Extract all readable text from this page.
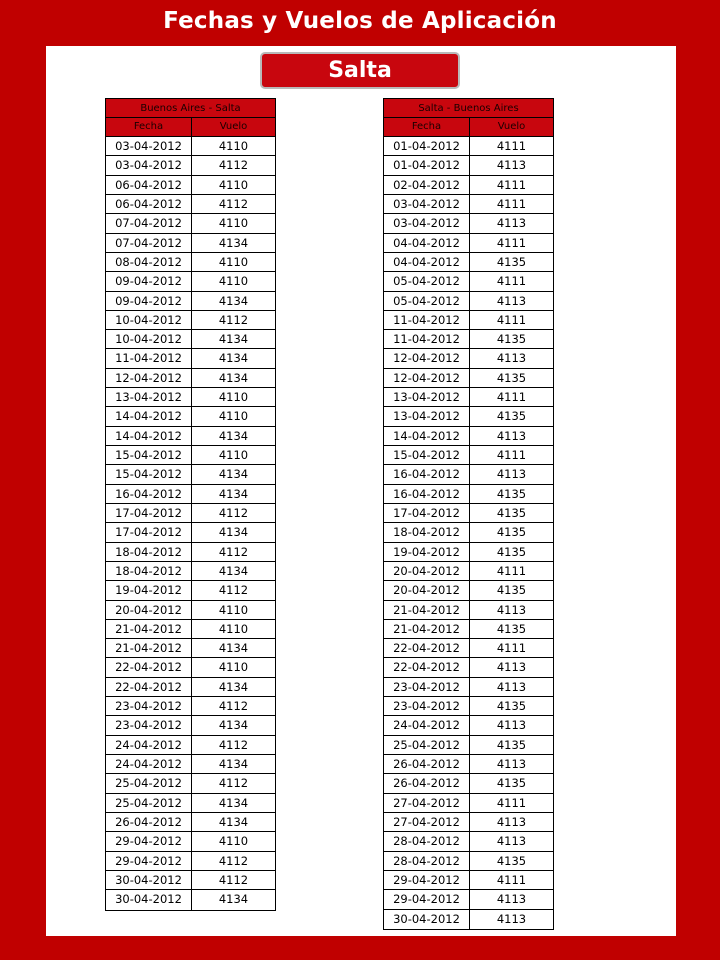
Fechas y Vuelos de Aplicación
Salta
Buenos Aires - Salta
Fecha	Vuelo
03-04-2012	4110
03-04-2012	4112
06-04-2012	4110
06-04-2012	4112
07-04-2012	4110
07-04-2012	4134
08-04-2012	4110
09-04-2012	4110
09-04-2012	4134
10-04-2012	4112
10-04-2012	4134
11-04-2012	4134
12-04-2012	4134
13-04-2012	4110
14-04-2012	4110
14-04-2012	4134
15-04-2012	4110
15-04-2012	4134
16-04-2012	4134
17-04-2012	4112
17-04-2012	4134
18-04-2012	4112
18-04-2012	4134
19-04-2012	4112
20-04-2012	4110
21-04-2012	4110
21-04-2012	4134
22-04-2012	4110
22-04-2012	4134
23-04-2012	4112
23-04-2012	4134
24-04-2012	4112
24-04-2012	4134
25-04-2012	4112
25-04-2012	4134
26-04-2012	4134
29-04-2012	4110
29-04-2012	4112
30-04-2012	4112
30-04-2012	4134
Salta - Buenos Aires
Fecha	Vuelo
01-04-2012	4111
01-04-2012	4113
02-04-2012	4111
03-04-2012	4111
03-04-2012	4113
04-04-2012	4111
04-04-2012	4135
05-04-2012	4111
05-04-2012	4113
11-04-2012	4111
11-04-2012	4135
12-04-2012	4113
12-04-2012	4135
13-04-2012	4111
13-04-2012	4135
14-04-2012	4113
15-04-2012	4111
16-04-2012	4113
16-04-2012	4135
17-04-2012	4135
18-04-2012	4135
19-04-2012	4135
20-04-2012	4111
20-04-2012	4135
21-04-2012	4113
21-04-2012	4135
22-04-2012	4111
22-04-2012	4113
23-04-2012	4113
23-04-2012	4135
24-04-2012	4113
25-04-2012	4135
26-04-2012	4113
26-04-2012	4135
27-04-2012	4111
27-04-2012	4113
28-04-2012	4113
28-04-2012	4135
29-04-2012	4111
29-04-2012	4113
30-04-2012	4113
